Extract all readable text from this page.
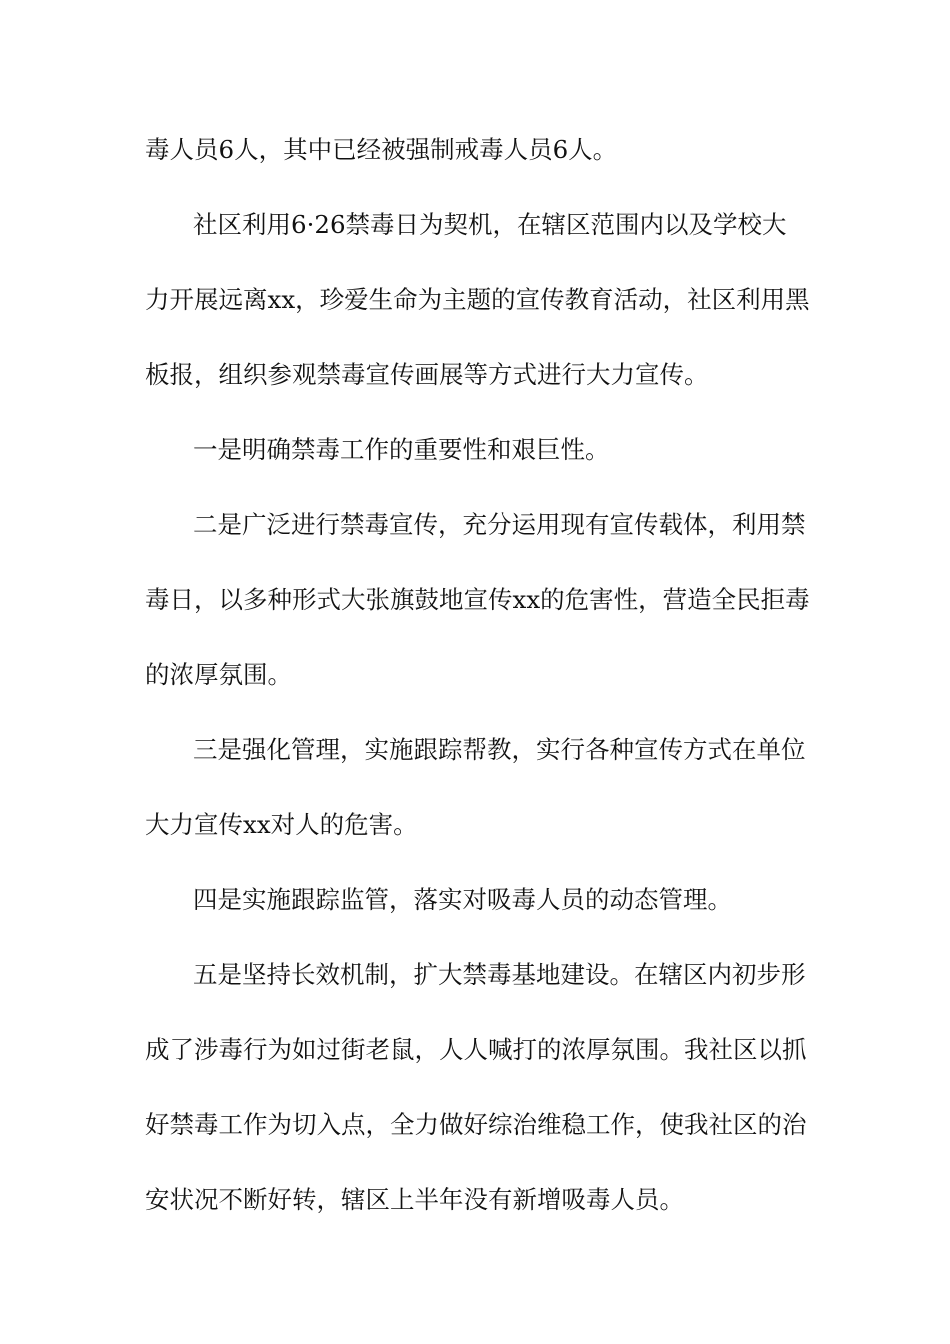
毒人员6人，其中已经被强制戒毒人员6人。
社区利用6·26禁毒日为契机，在辖区范围内以及学校大
力开展远离xx，珍爱生命为主题的宣传教育活动，社区利用黑
板报，组织参观禁毒宣传画展等方式进行大力宣传。
一是明确禁毒工作的重要性和艰巨性。
二是广泛进行禁毒宣传，充分运用现有宣传载体，利用禁
毒日，以多种形式大张旗鼓地宣传xx的危害性，营造全民拒毒
的浓厚氛围。
三是强化管理，实施跟踪帮教，实行各种宣传方式在单位
大力宣传xx对人的危害。
四是实施跟踪监管，落实对吸毒人员的动态管理。
五是坚持长效机制，扩大禁毒基地建设。在辖区内初步形
成了涉毒行为如过街老鼠，人人喊打的浓厚氛围。我社区以抓
好禁毒工作为切入点，全力做好综治维稳工作，使我社区的治
安状况不断好转，辖区上半年没有新增吸毒人员。
